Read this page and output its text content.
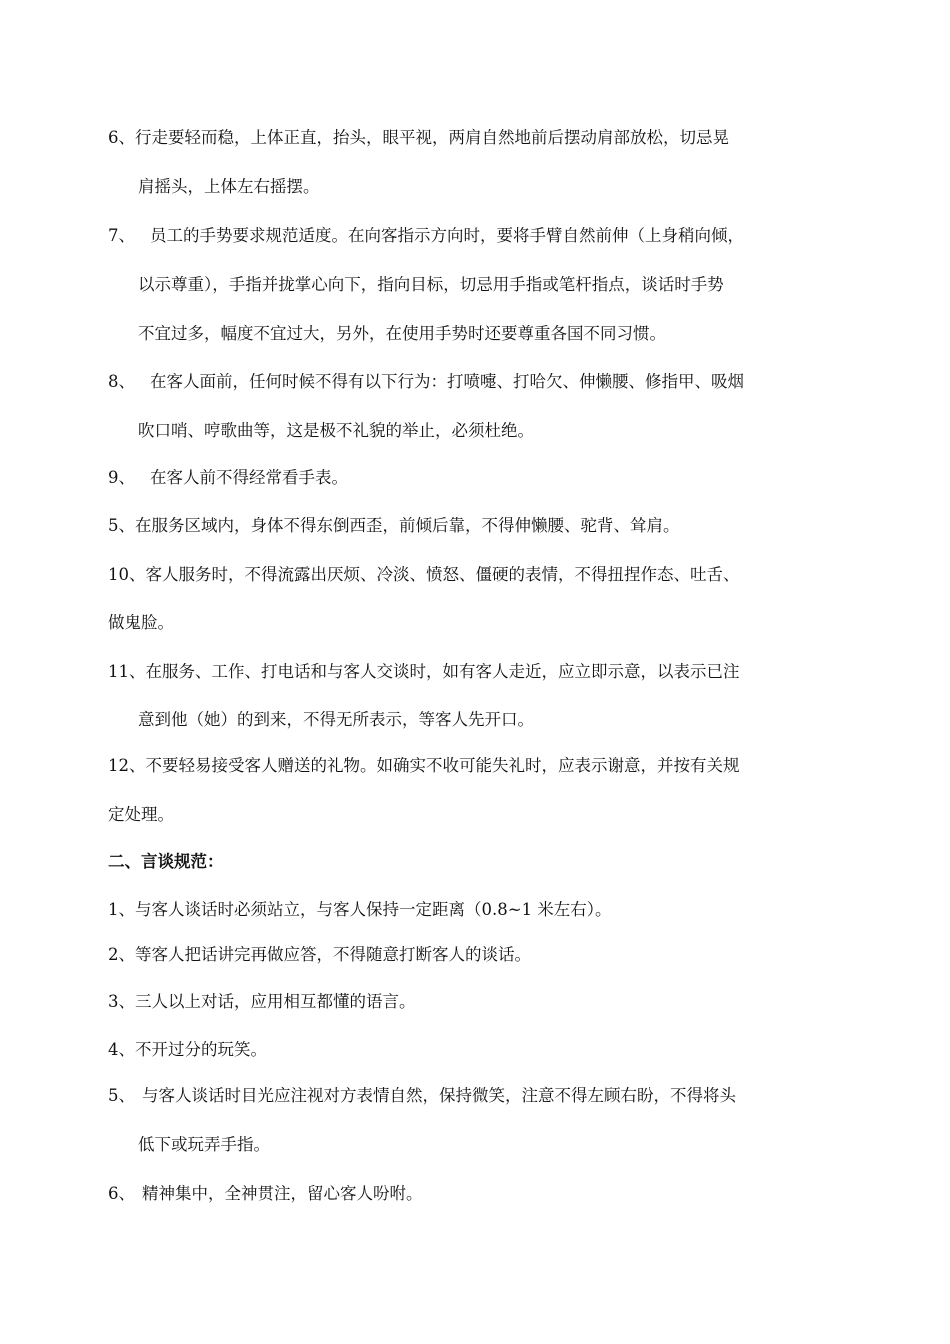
6、行走要轻而稳，上体正直，抬头，眼平视，两肩自然地前后摆动肩部放松，切忌晃
肩摇头，上体左右摇摆。
7、 员工的手势要求规范适度。在向客指示方向时，要将手臂自然前伸（上身稍向倾，
以示尊重），手指并拢掌心向下，指向目标，切忌用手指或笔杆指点，谈话时手势
不宜过多，幅度不宜过大，另外，在使用手势时还要尊重各国不同习惯。
8、 在客人面前，任何时候不得有以下行为：打喷嚏、打哈欠、伸懒腰、修指甲、吸烟
吹口哨、哼歌曲等，这是极不礼貌的举止，必须杜绝。
9、 在客人前不得经常看手表。
5、在服务区域内，身体不得东倒西歪，前倾后靠，不得伸懒腰、驼背、耸肩。
10、客人服务时，不得流露出厌烦、冷淡、愤怒、僵硬的表情，不得扭捏作态、吐舌、
做鬼脸。
11、在服务、工作、打电话和与客人交谈时，如有客人走近，应立即示意，以表示已注
意到他（她）的到来，不得无所表示，等客人先开口。
12、不要轻易接受客人赠送的礼物。如确实不收可能失礼时，应表示谢意，并按有关规
定处理。
二、言谈规范：
1、与客人谈话时必须站立，与客人保持一定距离（0.8~1 米左右）。
2、等客人把话讲完再做应答，不得随意打断客人的谈话。
3、三人以上对话，应用相互都懂的语言。
4、不开过分的玩笑。
5、 与客人谈话时目光应注视对方表情自然，保持微笑，注意不得左顾右盼，不得将头
低下或玩弄手指。
6、 精神集中，全神贯注，留心客人吩咐。
